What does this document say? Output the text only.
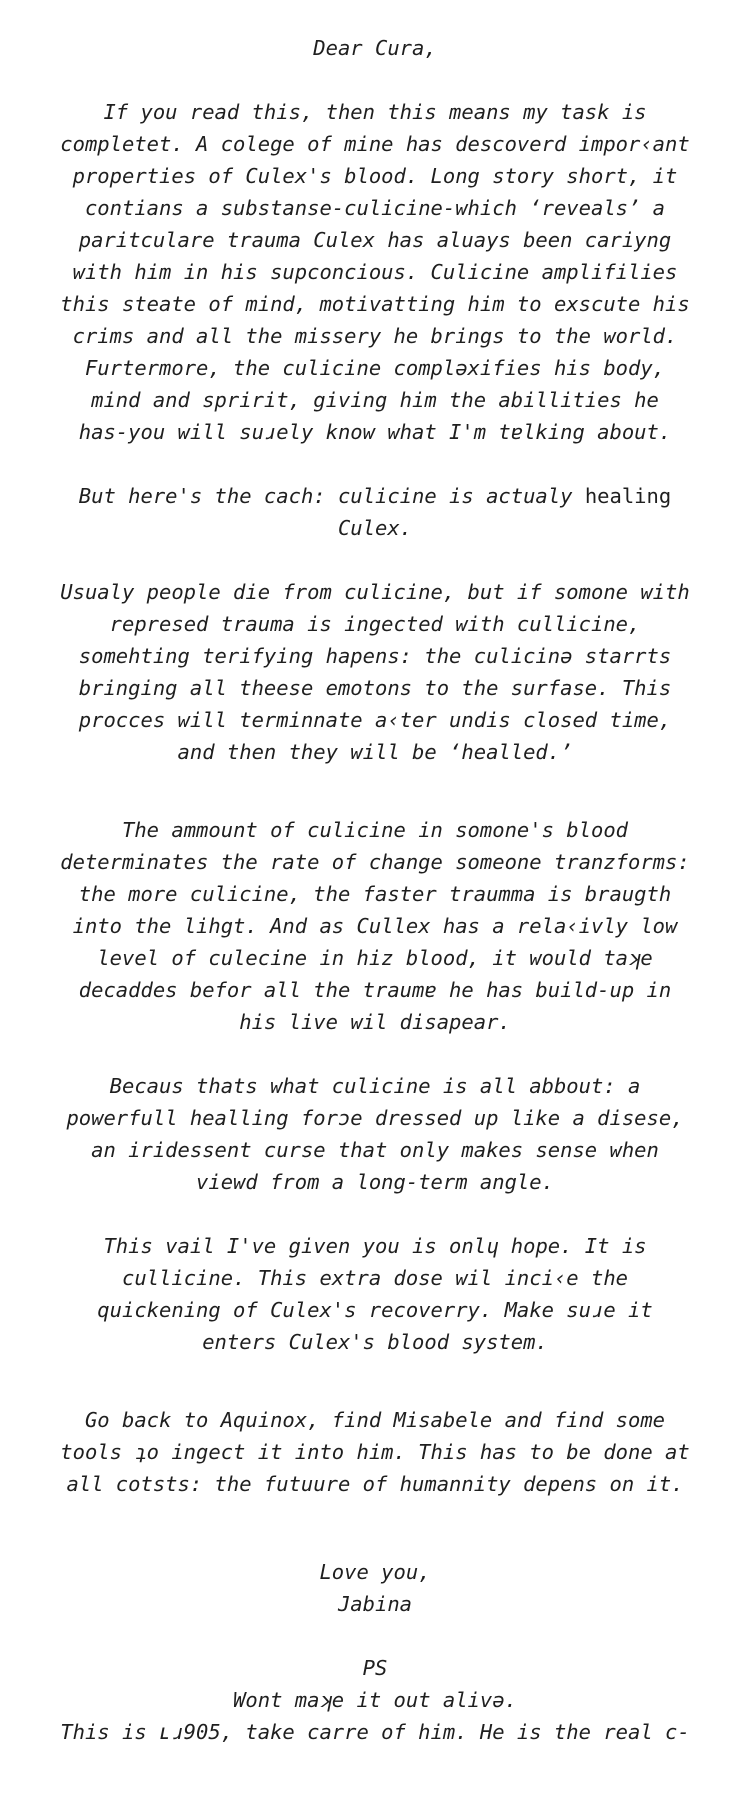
Dear Cura,
If you read this, then this means my task is
completet. A colege of mine has descoverd impor‹ant
properties of Culex's blood. Long story short, it
contians a substanse-culicine-which ‘reveals’ a
paritculare trauma Culex has aluays been cariyng
with him in his supconcious. Culicine amplifilies
this steate of mind, motivatting him to exscute his
crims and all the missery he brings to the world.
Furtermore, the culicine complǝxifies his body,
mind and spririt, giving him the abillities he
has-you will suɹely know what I'm tɐlking about.
But here's the cach: culicine is actualy healing
Culex.
Usualy people die from culicine, but if somone with
represed trauma is ingected with cullicine,
somehting terifying hapens: the culicinə starrts
bringing all theese emotons to the surfase. This
procces will terminnate a‹ter undis closed time,
and then they will be ‘healled.’
The ammount of culicine in somone's blood
determinates the rate of change someone tranzforms:
the more culicine, the faster traumma is braugth
into the lihgt. And as Cullex has a rela‹ivly low
level of culecine in hiz blood, it would taʞe
decaddes befor all the traumɐ he has build-up in
his live wil disapear.
Becaus thats what culicine is all abbout: a
powerfull healling forɔe dressed up like a disese,
an iridessent curse that only makes sense when
viewd from a long-term angle.
This vail I've given you is onlɥ hope. It is
cullicine. This extra dose wil inci‹e the
quickening of Culex's recoverry. Make suɹe it
enters Culex's blood system.
Go back to Aquinox, find Misabele and find some
tools ʇo ingect it into him. This has to be done at
all cotsts: the futuure of humannity depens on it.
Love you,
Jabina
PS
Wont maʞe it out alivə.
This is ʟɹ905, take carre of him. He is the real c-
